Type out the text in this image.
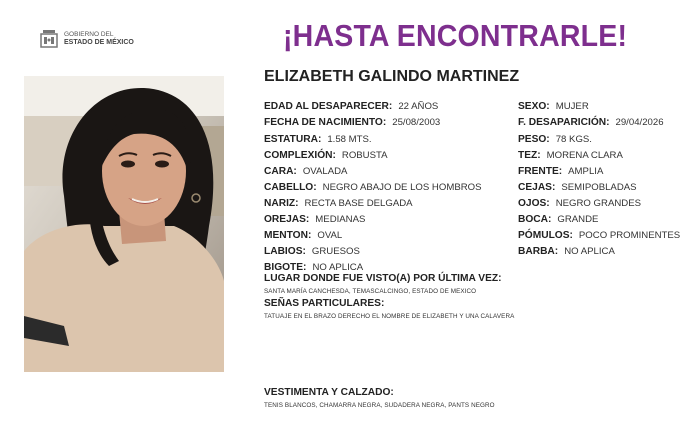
GOBIERNO DEL
ESTADO DE MÉXICO	¡HASTA ENCONTRARLE!
ELIZABETH GALINDO MARTINEZ
EDAD AL DESAPARECER: 22 AÑOS
FECHA DE NACIMIENTO: 25/08/2003
ESTATURA: 1.58 MTS.
COMPLEXIÓN: ROBUSTA
CARA: OVALADA
CABELLO: NEGRO ABAJO DE LOS HOMBROS
NARIZ: RECTA BASE DELGADA
OREJAS: MEDIANAS
MENTON: OVAL
LABIOS: GRUESOS
BIGOTE: NO APLICA
SEXO: MUJER
F. DESAPARICIÓN: 29/04/2026
PESO: 78 KGS.
TEZ: MORENA CLARA
FRENTE: AMPLIA
CEJAS: SEMIPOBLADAS
OJOS: NEGRO GRANDES
BOCA: GRANDE
PÓMULOS: POCO PROMINENTES
BARBA: NO APLICA
LUGAR DONDE FUE VISTO(A) POR ÚLTIMA VEZ:
SANTA MARÍA CANCHESDA, TEMASCALCINGO, ESTADO DE MEXICO
SEÑAS PARTICULARES:
TATUAJE EN EL BRAZO DERECHO EL NOMBRE DE ELIZABETH Y UNA CALAVERA
VESTIMENTA Y CALZADO:
TENIS BLANCOS, CHAMARRA NEGRA, SUDADERA NEGRA, PANTS NEGRO
